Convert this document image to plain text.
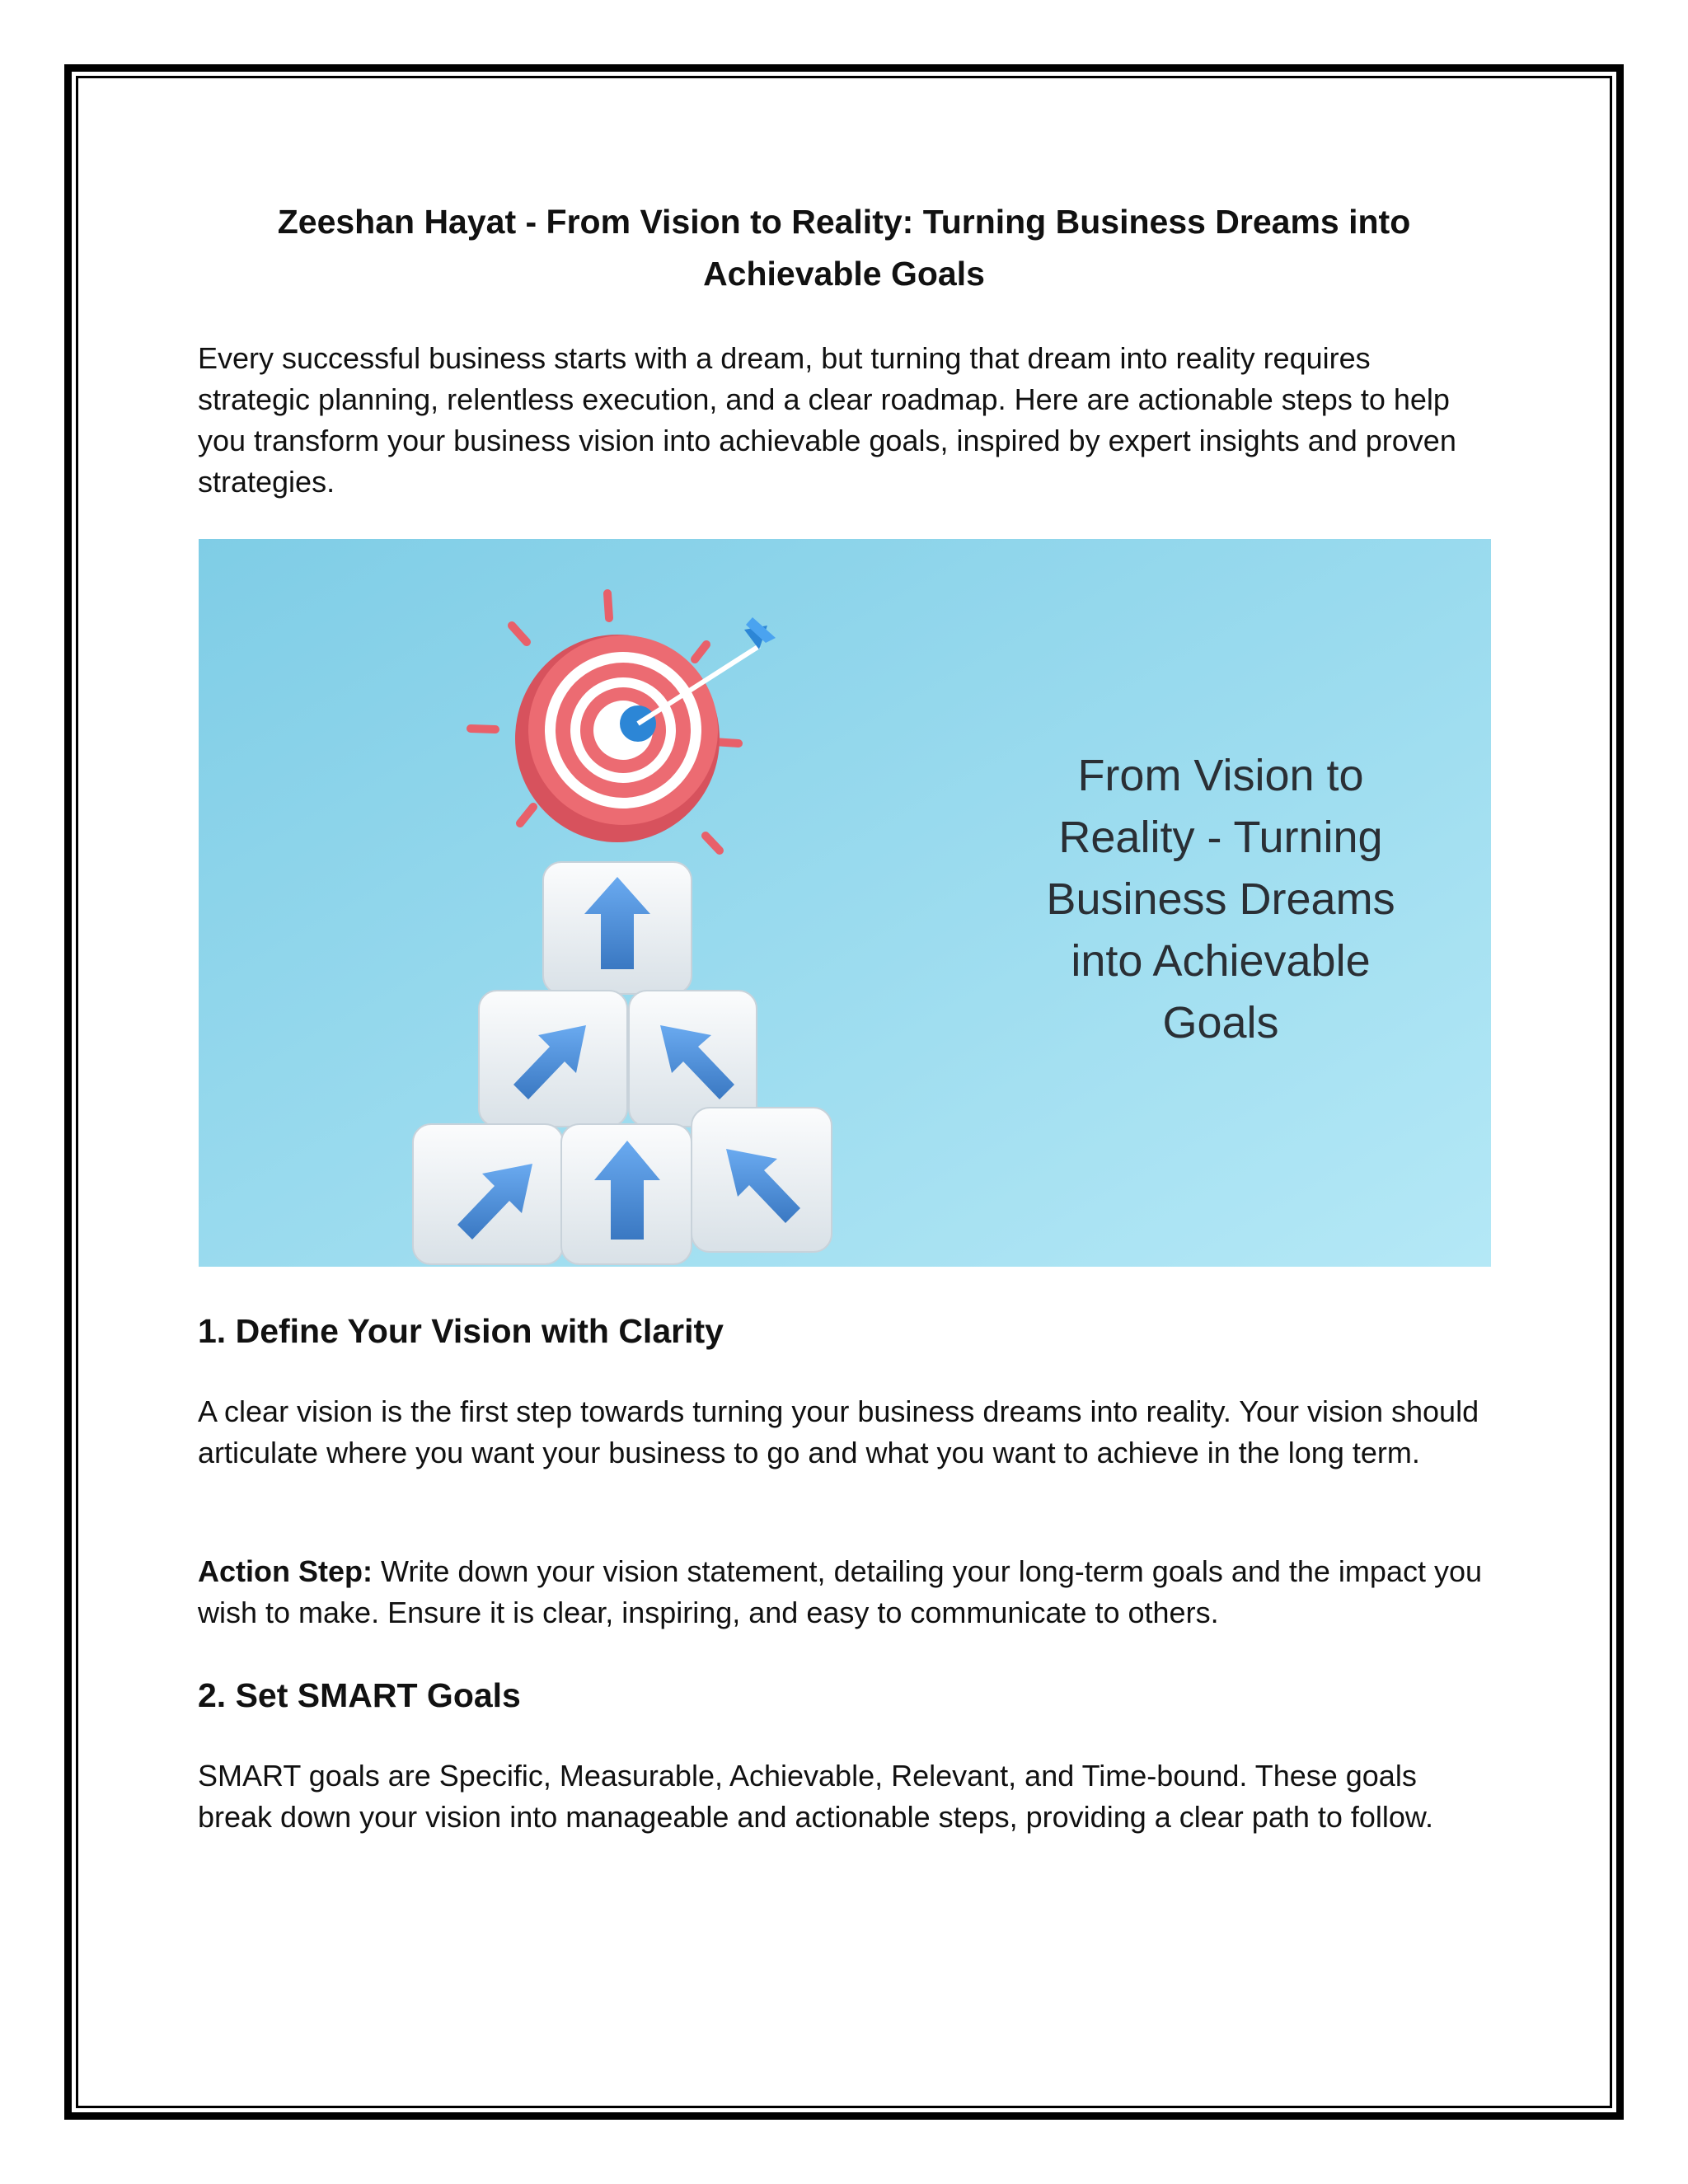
Zeeshan Hayat - From Vision to Reality: Turning Business Dreams into
Achievable Goals

Every successful business starts with a dream, but turning that dream into reality requires strategic planning, relentless execution, and a clear roadmap. Here are actionable steps to help you transform your business vision into achievable goals, inspired by expert insights and proven strategies.

From Vision to
Reality - Turning
Business Dreams
into Achievable
Goals

1. Define Your Vision with Clarity

A clear vision is the first step towards turning your business dreams into reality. Your vision should articulate where you want your business to go and what you want to achieve in the long term.

Action Step: Write down your vision statement, detailing your long-term goals and the impact you wish to make. Ensure it is clear, inspiring, and easy to communicate to others.

2. Set SMART Goals

SMART goals are Specific, Measurable, Achievable, Relevant, and Time-bound. These goals break down your vision into manageable and actionable steps, providing a clear path to follow.
